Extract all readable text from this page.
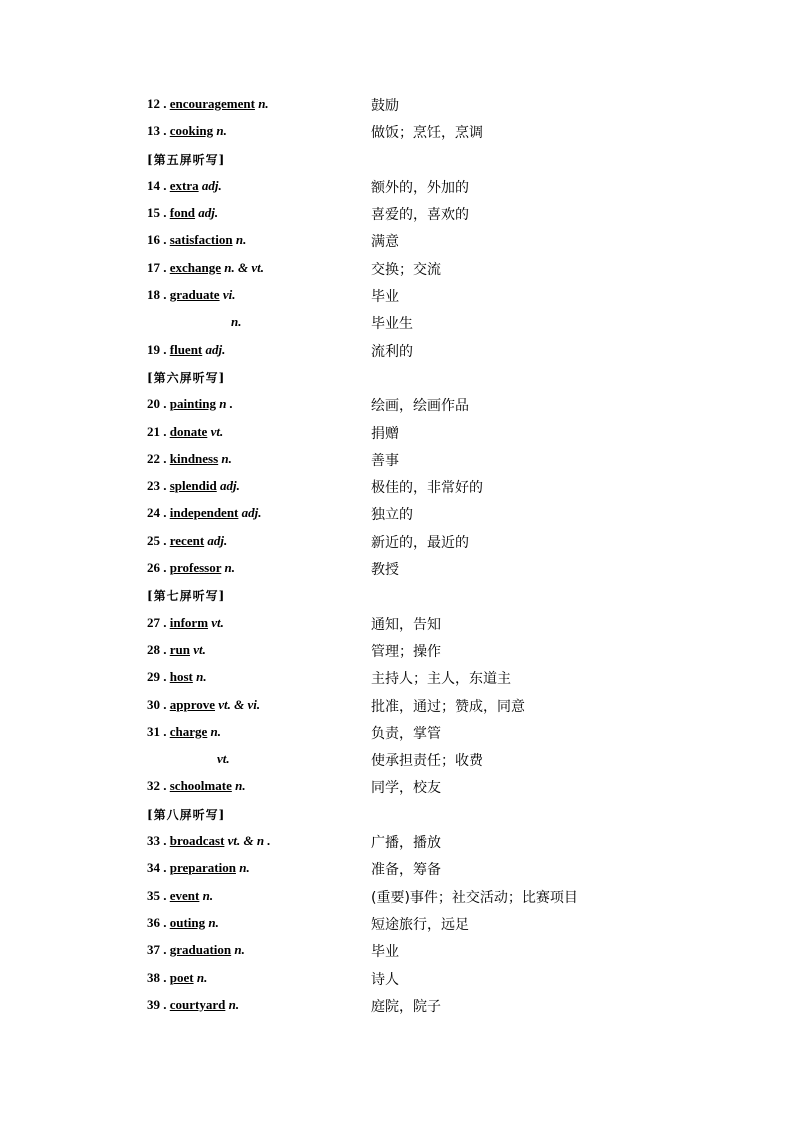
12 . encouragement n.	鼓励
13 . cooking n.	做饭；烹饪，烹调
[第五屏听写]
14 . extra adj.	额外的，外加的
15 . fond adj.	喜爱的，喜欢的
16 . satisfaction n.	满意
17 . exchange n. & vt.	交换；交流
18 . graduate vi.	毕业
n.	毕业生
19 . fluent adj.	流利的
[第六屏听写]
20 . painting n .	绘画，绘画作品
21 . donate vt.	捐赠
22 . kindness n.	善事
23 . splendid adj.	极佳的，非常好的
24 . independent adj.	独立的
25 . recent adj.	新近的，最近的
26 . professor n.	教授
[第七屏听写]
27 . inform vt.	通知，告知
28 . run vt.	管理；操作
29 . host n.	主持人；主人，东道主
30 . approve vt. & vi.	批准，通过；赞成，同意
31 . charge n.	负责，掌管
vt.	使承担责任；收费
32 . schoolmate n.	同学，校友
[第八屏听写]
33 . broadcast vt. & n .	广播，播放
34 . preparation n.	准备，筹备
35 . event n.	(重要)事件；社交活动；比赛项目
36 . outing n.	短途旅行，远足
37 . graduation n.	毕业
38 . poet n.	诗人
39 . courtyard n.	庭院，院子
